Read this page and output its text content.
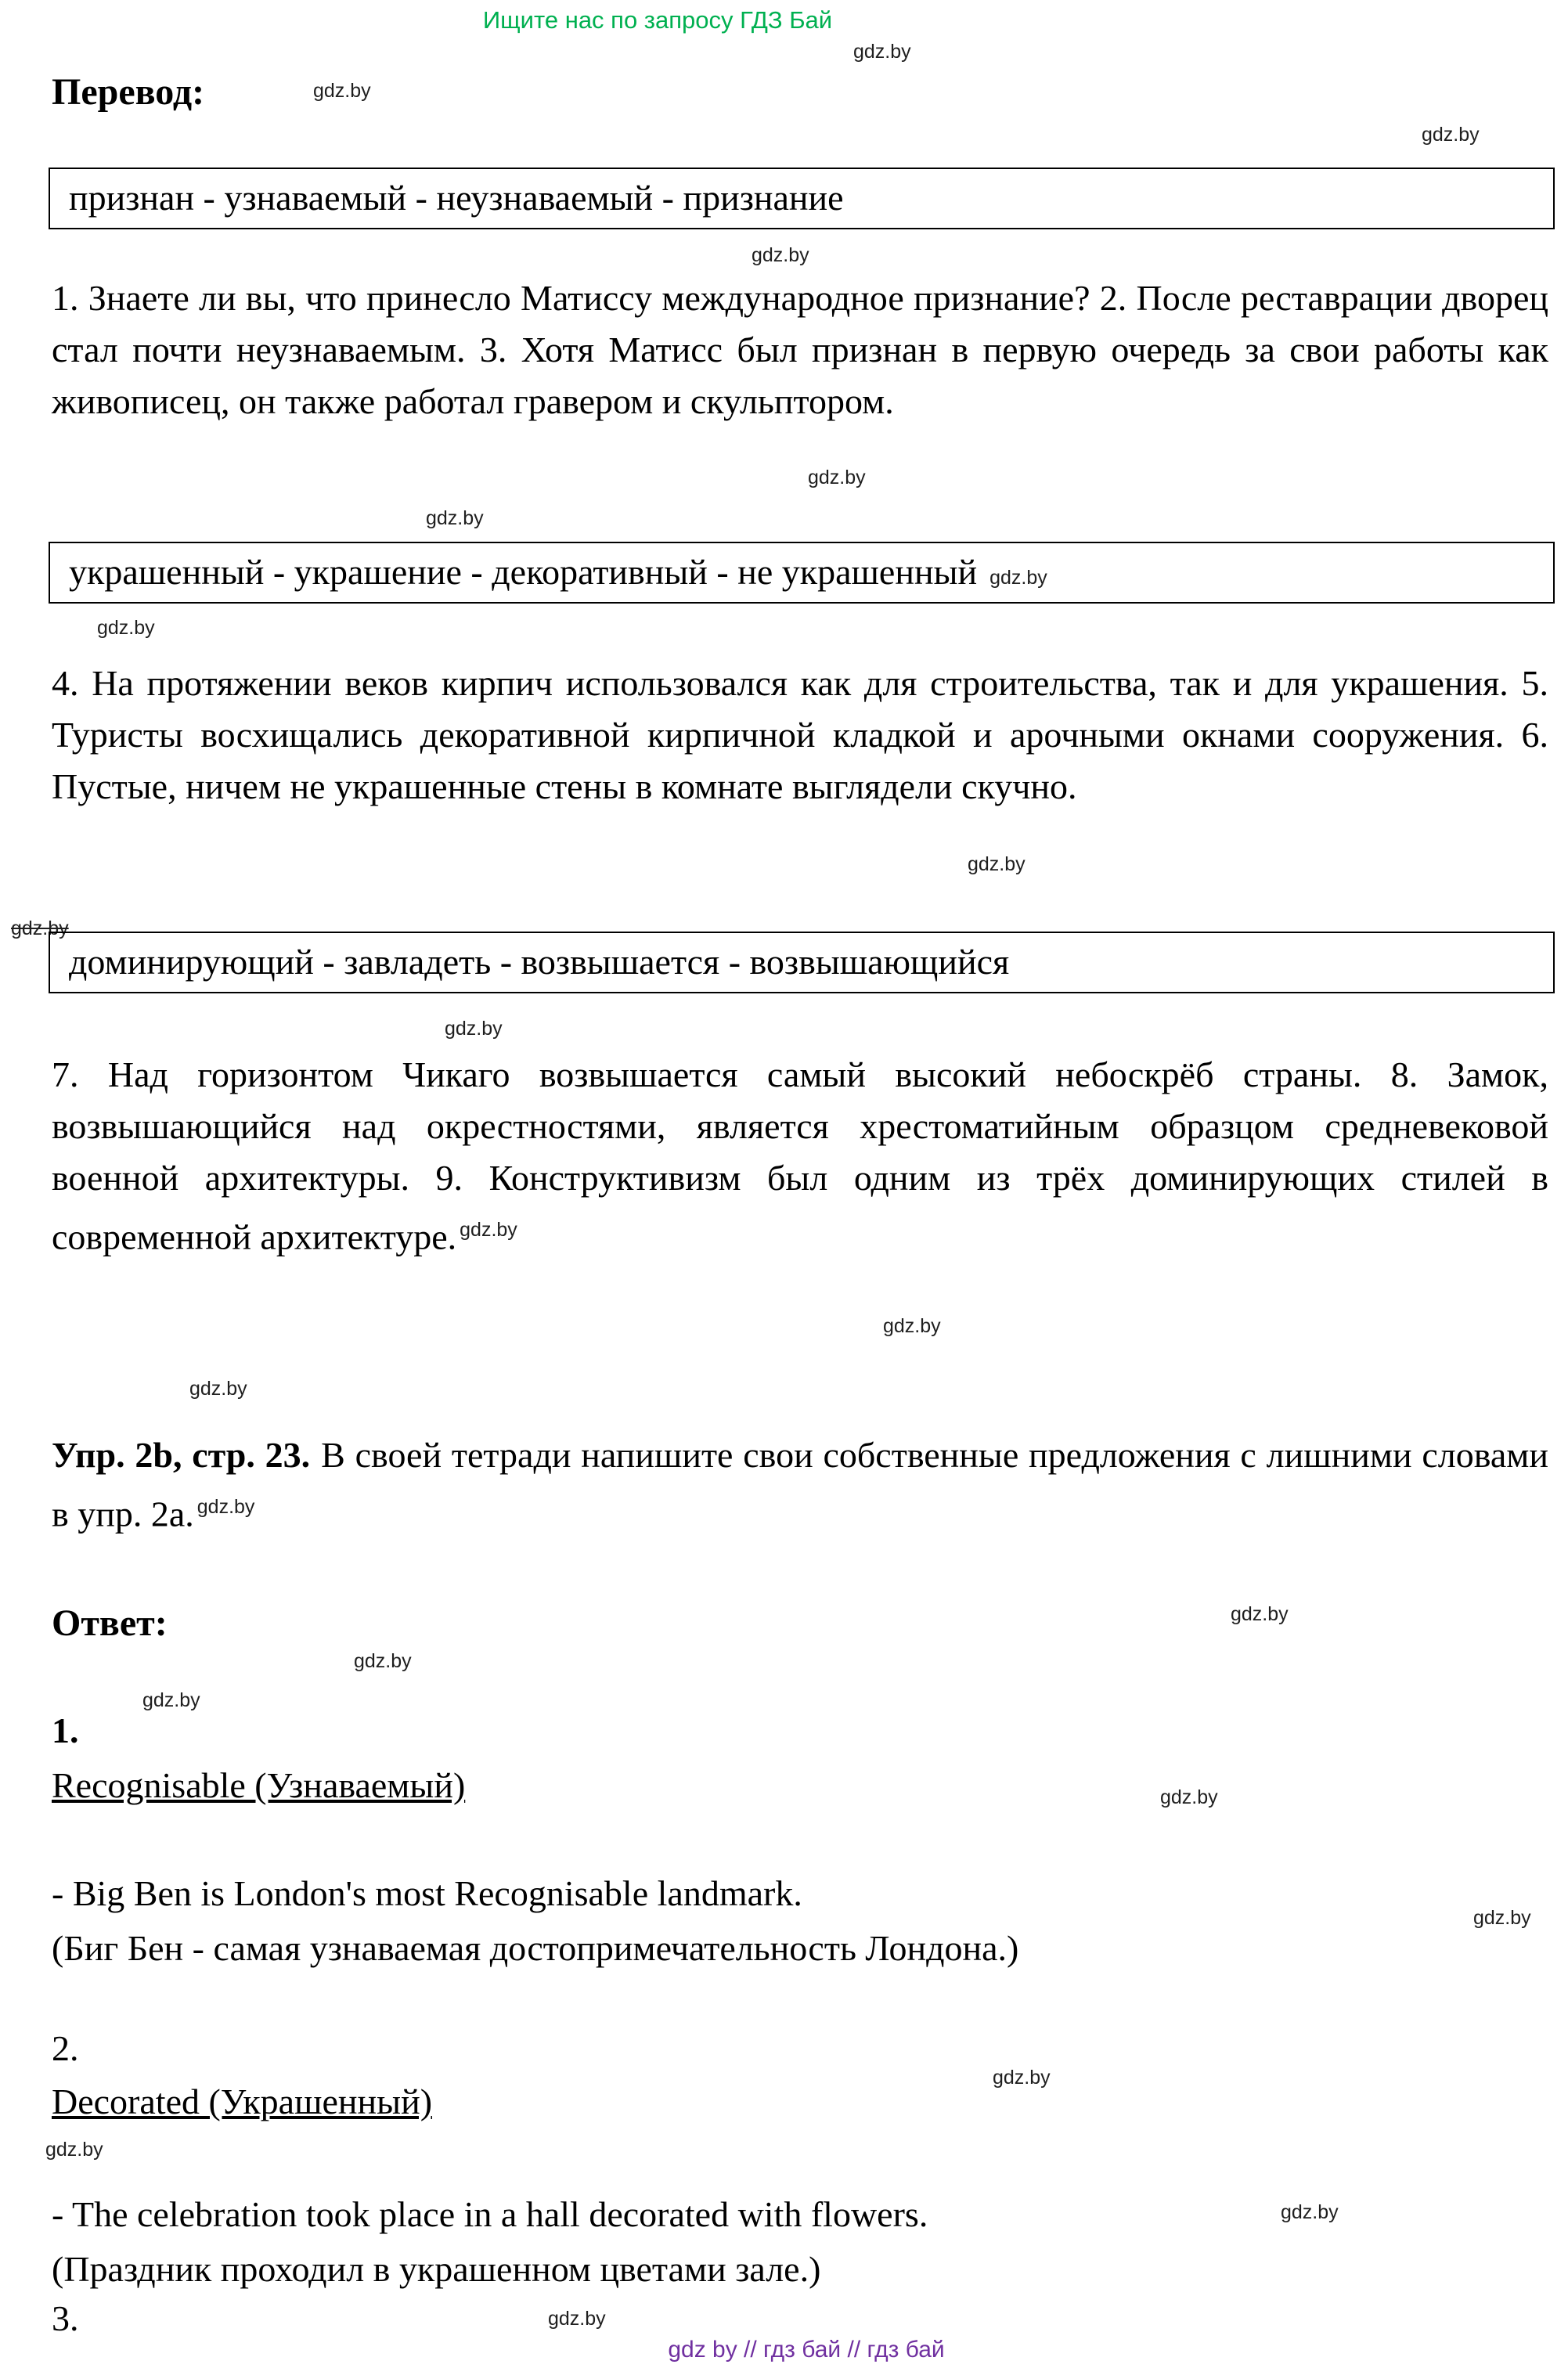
Ищите нас по запросу ГДЗ Бай
gdz.by
gdz.by
gdz.by
gdz.by
gdz.by
gdz.by
gdz.by
gdz.by
gdz.by
gdz.by
gdz.by
gdz.by
gdz.by
gdz.by
gdz.by
gdz.by
gdz.by
gdz.by
gdz.by
gdz.by
gdz.by
Перевод:
признан - узнаваемый - неузнаваемый - признание
1. Знаете ли вы, что принесло Матиссу международное признание? 2. После реставрации дворец стал почти неузнаваемым. 3. Хотя Матисс был признан в первую очередь за свои работы как живописец, он также работал гравером и скульптором.
украшенный - украшение - декоративный - не украшенный gdz.by
4. На протяжении веков кирпич использовался как для строительства, так и для украшения. 5. Туристы восхищались декоративной кирпичной кладкой и арочными окнами сооружения. 6. Пустые, ничем не украшенные стены в комнате выглядели скучно.
доминирующий - завладеть - возвышается - возвышающийся
7. Над горизонтом Чикаго возвышается самый высокий небоскрёб страны. 8. Замок, возвышающийся над окрестностями, является хрестоматийным образцом средневековой военной архитектуры. 9. Конструктивизм был одним из трёх доминирующих стилей в современной архитектуре. $^{gdz.by}$
Упр. 2b, стр. 23. В своей тетради напишите свои собственные предложения с лишними словами в упр. 2a. $^{gdz.by}$
Ответ:
1.
Recognisable (Узнаваемый)
- Big Ben is London's most Recognisable landmark.
(Биг Бен - самая узнаваемая достопримечательность Лондона.)
2.
Decorated (Украшенный)
- The celebration took place in a hall decorated with flowers.
(Праздник проходил в украшенном цветами зале.)
3.
gdz by // гдз бай // гдз бай
